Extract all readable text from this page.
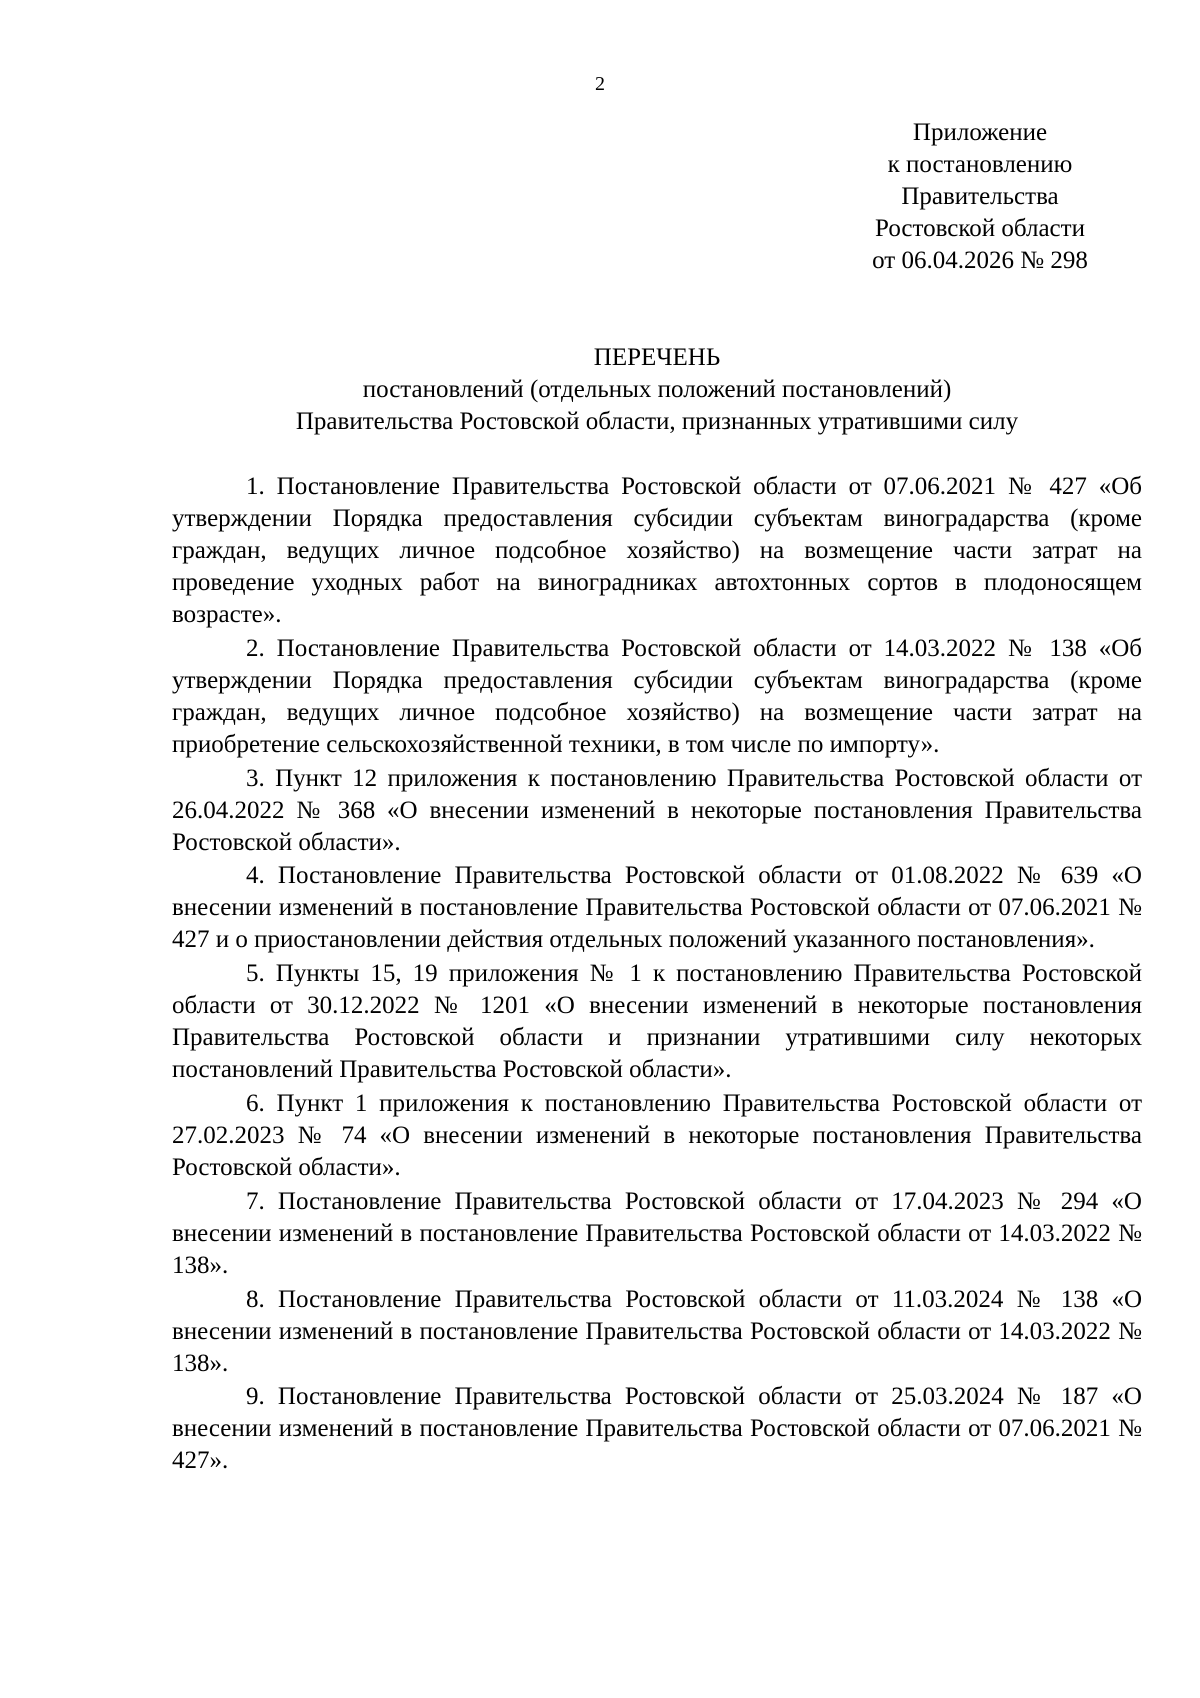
2
Приложение
к постановлению
Правительства
Ростовской области
от 06.04.2026 № 298
ПЕРЕЧЕНЬ
постановлений (отдельных положений постановлений)
Правительства Ростовской области, признанных утратившими силу

1. Постановление Правительства Ростовской области от 07.06.2021 № 427 «Об утверждении Порядка предоставления субсидии субъектам виноградарства (кроме граждан, ведущих личное подсобное хозяйство) на возмещение части затрат на проведение уходных работ на виноградниках автохтонных сортов в плодоносящем возрасте».

2. Постановление Правительства Ростовской области от 14.03.2022 № 138 «Об утверждении Порядка предоставления субсидии субъектам виноградарства (кроме граждан, ведущих личное подсобное хозяйство) на возмещение части затрат на приобретение сельскохозяйственной техники, в том числе по импорту».

3. Пункт 12 приложения к постановлению Правительства Ростовской области от 26.04.2022 № 368 «О внесении изменений в некоторые постановления Правительства Ростовской области».

4. Постановление Правительства Ростовской области от 01.08.2022 № 639 «О внесении изменений в постановление Правительства Ростовской области от 07.06.2021 № 427 и о приостановлении действия отдельных положений указанного постановления».

5. Пункты 15, 19 приложения № 1 к постановлению Правительства Ростовской области от 30.12.2022 № 1201 «О внесении изменений в некоторые постановления Правительства Ростовской области и признании утратившими силу некоторых постановлений Правительства Ростовской области».

6. Пункт 1 приложения к постановлению Правительства Ростовской области от 27.02.2023 № 74 «О внесении изменений в некоторые постановления Правительства Ростовской области».

7. Постановление Правительства Ростовской области от 17.04.2023 № 294 «О внесении изменений в постановление Правительства Ростовской области от 14.03.2022 № 138».

8. Постановление Правительства Ростовской области от 11.03.2024 № 138 «О внесении изменений в постановление Правительства Ростовской области от 14.03.2022 № 138».

9. Постановление Правительства Ростовской области от 25.03.2024 № 187 «О внесении изменений в постановление Правительства Ростовской области от 07.06.2021 № 427».
